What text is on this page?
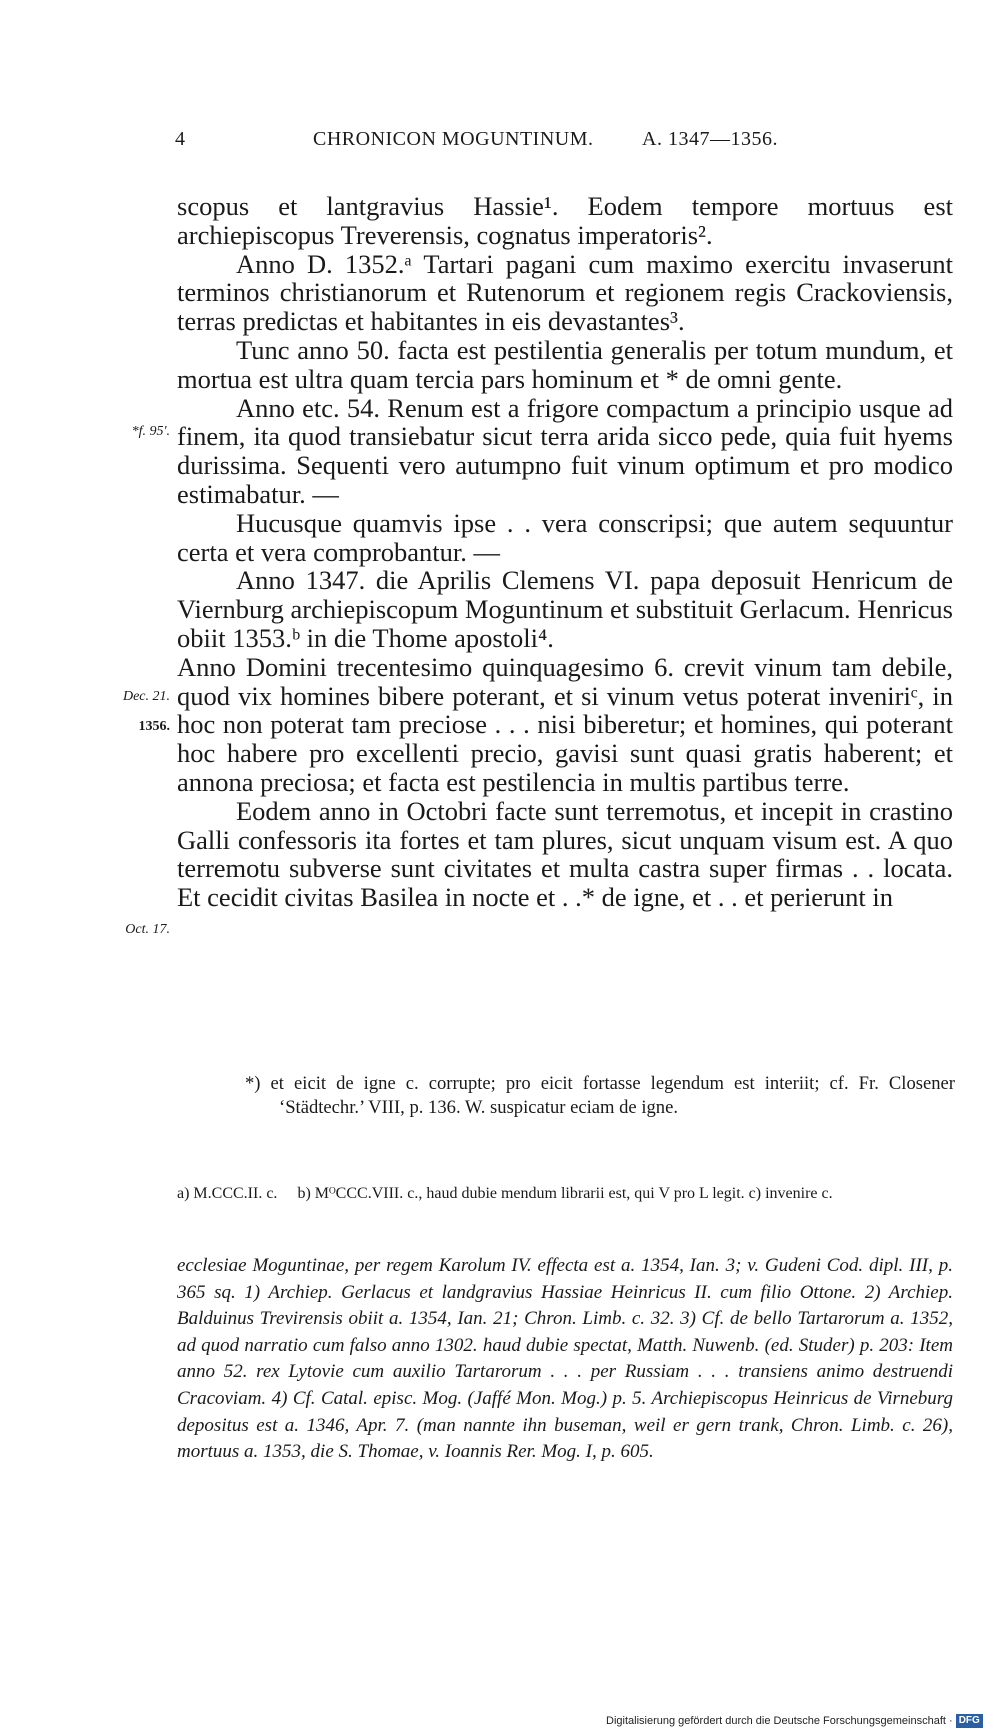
4	CHRONICON MOGUNTINUM. A. 1347—1356.
*f. 95'.
Dec. 21.
1356.
Oct. 17.

scopus et lantgravius Hassie¹. Eodem tempore mortuus est archiepiscopus Treverensis, cognatus imperatoris².

Anno D. 1352.ᵃ Tartari pagani cum maximo exercitu invaserunt terminos christianorum et Rutenorum et regionem regis Crackoviensis, terras predictas et habitantes in eis devastantes³.

Tunc anno 50. facta est pestilentia generalis per totum mundum, et mortua est ultra quam tercia pars hominum et * de omni gente.

Anno etc. 54. Renum est a frigore compactum a principio usque ad finem, ita quod transiebatur sicut terra arida sicco pede, quia fuit hyems durissima. Sequenti vero autumpno fuit vinum optimum et pro modico estimabatur. —

Hucusque quamvis ipse . . vera conscripsi; que autem sequuntur certa et vera comprobantur. —

Anno 1347. die Aprilis Clemens VI. papa deposuit Henricum de Viernburg archiepiscopum Moguntinum et substituit Gerlacum. Henricus obiit 1353.ᵇ in die Thome apostoli⁴.

Anno Domini trecentesimo quinquagesimo 6. crevit vinum tam debile, quod vix homines bibere poterant, et si vinum vetus poterat invenirіᶜ, in hoc non poterat tam preciose . . . nisi biberetur; et homines, qui poterant hoc habere pro excellenti precio, gavisi sunt quasi gratis haberent; et annona preciosa; et facta est pestilencia in multis partibus terre.

Eodem anno in Octobri facte sunt terremotus, et incepit in crastino Galli confessoris ita fortes et tam plures, sicut unquam visum est. A quo terremotu subverse sunt civitates et multa castra super firmas . . locata. Et cecidit civitas Basilea in nocte et . .* de igne, et . . et perierunt in

*) et eicit de igne c. corrupte; pro eicit fortasse legendum est interiit; cf. Fr. Closener ‘Städtechr.’ VIII, p. 136. W. suspicatur eciam de igne.
a) M.CCC.II. c. b) MᴼCCC.VIII. c., haud dubie mendum librarii est, qui V pro L legit. c) invenire c.

ecclesiae Moguntinae, per regem Karolum IV. effecta est a. 1354, Ian. 3; v. Gudeni Cod. dipl. III, p. 365 sq. 1) Archiep. Gerlacus et landgravius Hassiae Heinricus II. cum filio Ottone. 2) Archiep. Balduinus Trevirensis obiit a. 1354, Ian. 21; Chron. Limb. c. 32. 3) Cf. de bello Tartarorum a. 1352, ad quod narratio cum falso anno 1302. haud dubie spectat, Matth. Nuwenb. (ed. Studer) p. 203: Item anno 52. rex Lytovie cum auxilio Tartarorum . . . per Russiam . . . transiens animo destruendi Cracoviam. 4) Cf. Catal. episc. Mog. (Jaffé Mon. Mog.) p. 5. Archiepiscopus Heinricus de Virneburg depositus est a. 1346, Apr. 7. (man nannte ihn buseman, weil er gern trank, Chron. Limb. c. 26), mortuus a. 1353, die S. Thomae, v. Ioannis Rer. Mog. I, p. 605.

Digitalisierung gefördert durch die Deutsche Forschungsgemeinschaft · DFG
